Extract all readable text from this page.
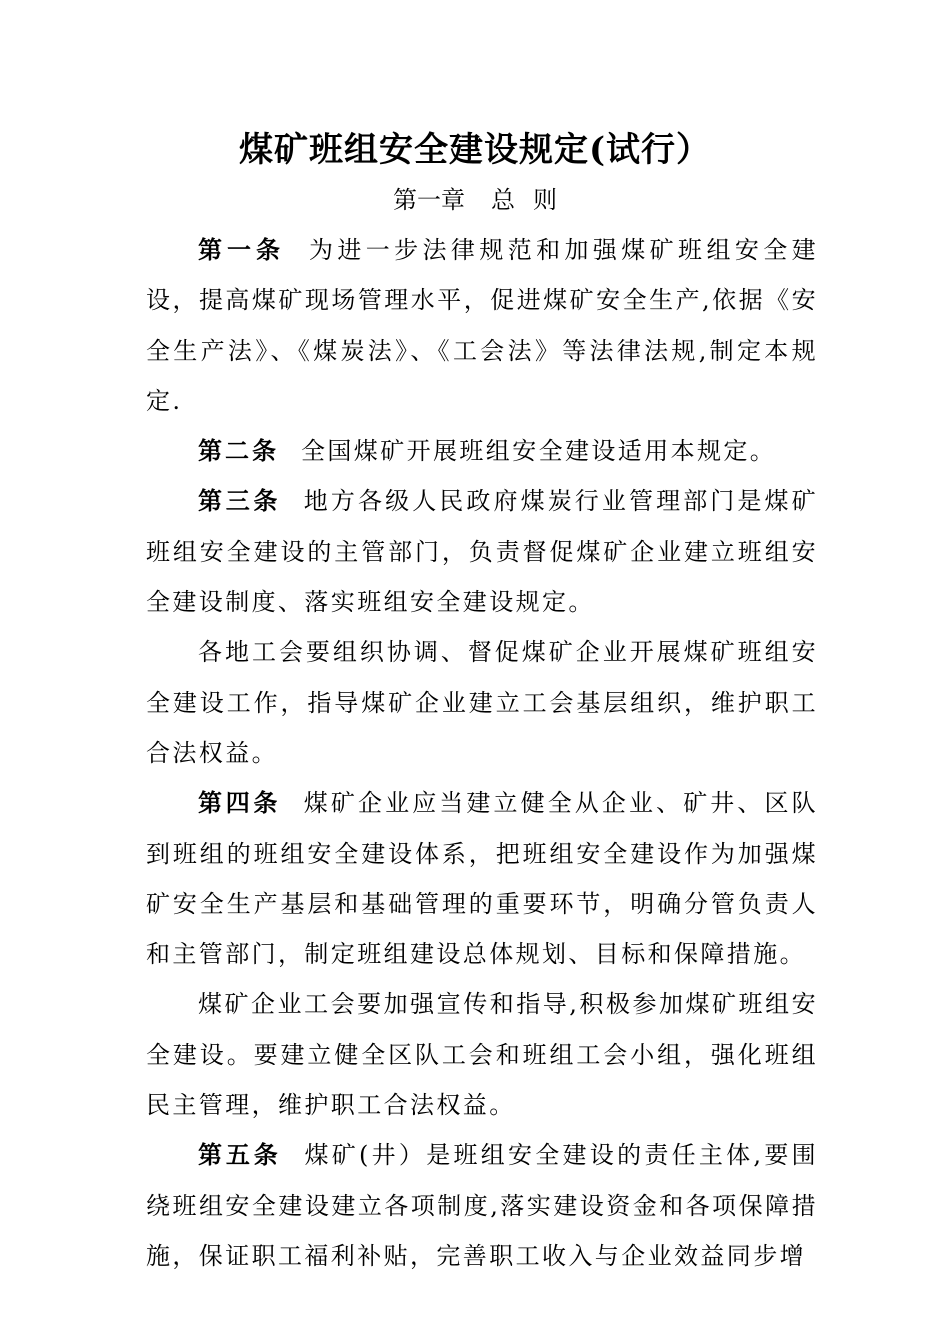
煤矿班组安全建设规定(试行）
第一章 总 则

第一条 为进一步法律规范和加强煤矿班组安全建设，提高煤矿现场管理水平，促进煤矿安全生产,依据《安全生产法》、《煤炭法》、《工会法》等法律法规,制定本规定.

第二条 全国煤矿开展班组安全建设适用本规定。

第三条 地方各级人民政府煤炭行业管理部门是煤矿班组安全建设的主管部门，负责督促煤矿企业建立班组安全建设制度、落实班组安全建设规定。

各地工会要组织协调、督促煤矿企业开展煤矿班组安全建设工作，指导煤矿企业建立工会基层组织，维护职工合法权益。

第四条 煤矿企业应当建立健全从企业、矿井、区队到班组的班组安全建设体系，把班组安全建设作为加强煤矿安全生产基层和基础管理的重要环节，明确分管负责人和主管部门，制定班组建设总体规划、目标和保障措施。

煤矿企业工会要加强宣传和指导,积极参加煤矿班组安全建设。要建立健全区队工会和班组工会小组，强化班组民主管理，维护职工合法权益。

第五条 煤矿(井）是班组安全建设的责任主体,要围绕班组安全建设建立各项制度,落实建设资金和各项保障措施，保证职工福利补贴，完善职工收入与企业效益同步增
